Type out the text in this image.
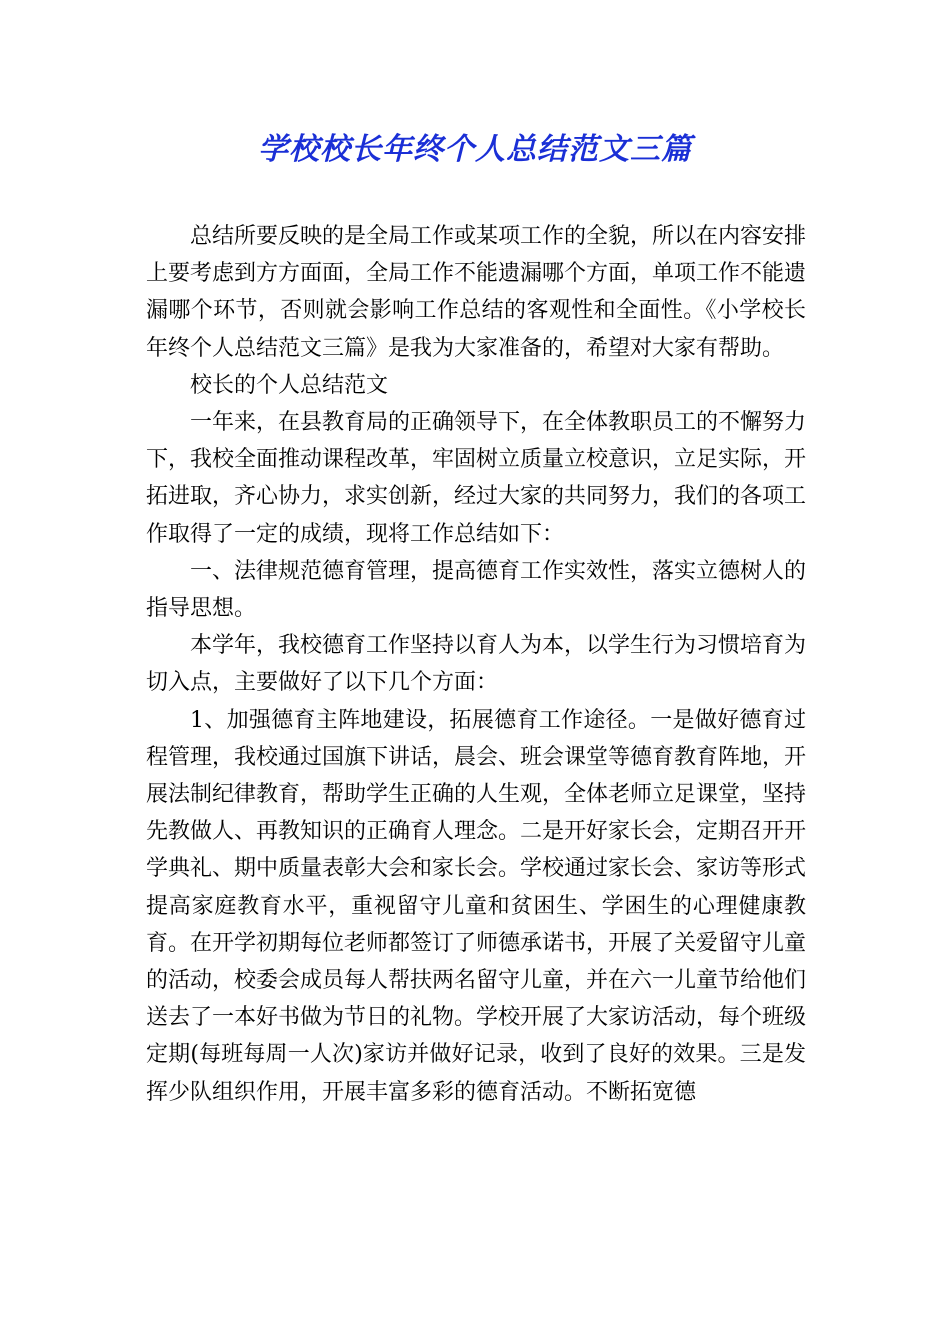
学校校长年终个人总结范文三篇

总结所要反映的是全局工作或某项工作的全貌，所以在内容安排上要考虑到方方面面，全局工作不能遗漏哪个方面，单项工作不能遗漏哪个环节，否则就会影响工作总结的客观性和全面性。《小学校长年终个人总结范文三篇》是我为大家准备的，希望对大家有帮助。

校长的个人总结范文

一年来，在县教育局的正确领导下，在全体教职员工的不懈努力下，我校全面推动课程改革，牢固树立质量立校意识，立足实际，开拓进取，齐心协力，求实创新，经过大家的共同努力，我们的各项工作取得了一定的成绩，现将工作总结如下：

一、法律规范德育管理，提高德育工作实效性，落实立德树人的指导思想。

本学年，我校德育工作坚持以育人为本，以学生行为习惯培育为切入点，主要做好了以下几个方面：

1、加强德育主阵地建设，拓展德育工作途径。一是做好德育过程管理，我校通过国旗下讲话，晨会、班会课堂等德育教育阵地，开展法制纪律教育，帮助学生正确的人生观，全体老师立足课堂，坚持先教做人、再教知识的正确育人理念。二是开好家长会，定期召开开学典礼、期中质量表彰大会和家长会。学校通过家长会、家访等形式提高家庭教育水平，重视留守儿童和贫困生、学困生的心理健康教育。在开学初期每位老师都签订了师德承诺书，开展了关爱留守儿童的活动，校委会成员每人帮扶两名留守儿童，并在六一儿童节给他们送去了一本好书做为节日的礼物。学校开展了大家访活动，每个班级定期(每班每周一人次)家访并做好记录，收到了良好的效果。三是发挥少队组织作用，开展丰富多彩的德育活动。不断拓宽德
